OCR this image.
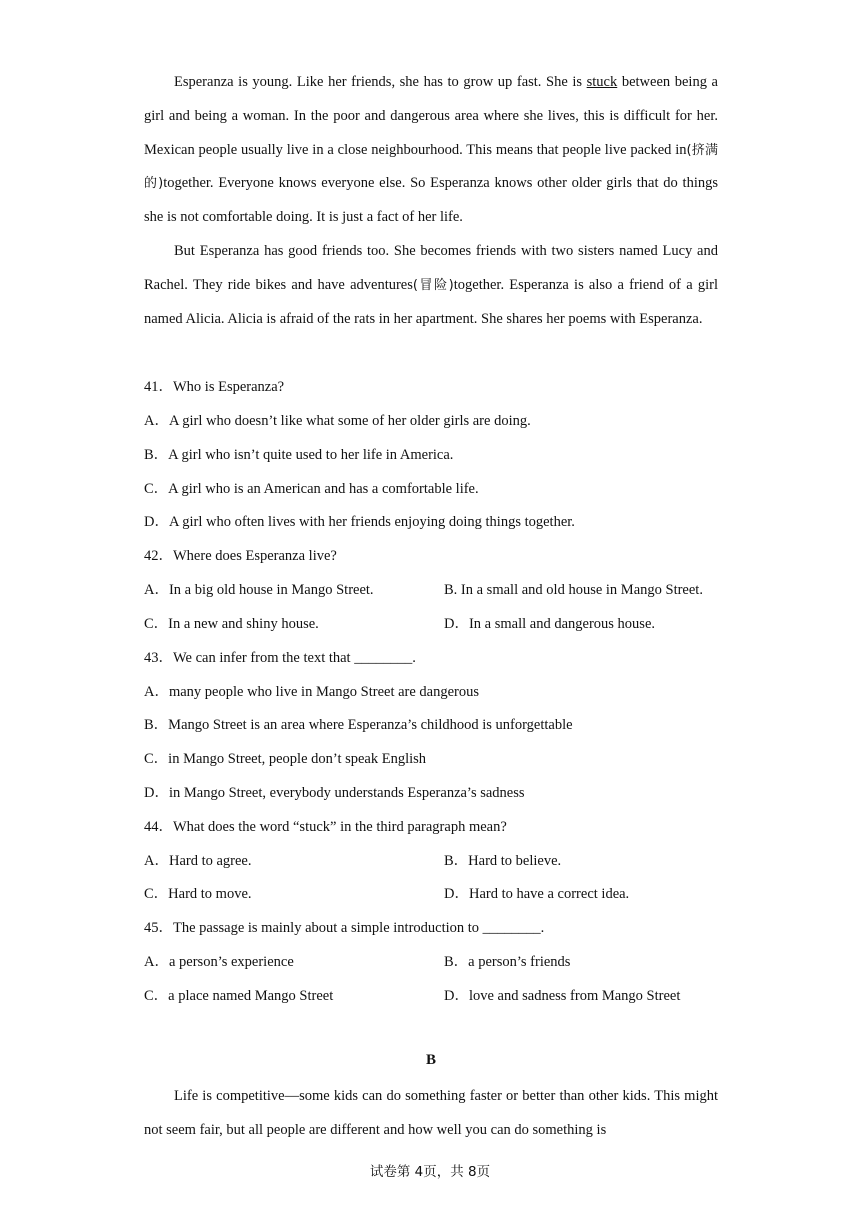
Esperanza is young. Like her friends, she has to grow up fast. She is stuck between being a girl and being a woman. In the poor and dangerous area where she lives, this is difficult for her. Mexican people usually live in a close neighbourhood. This means that people live packed in(挤满的)together. Everyone knows everyone else. So Esperanza knows other older girls that do things she is not comfortable doing. It is just a fact of her life.

But Esperanza has good friends too. She becomes friends with two sisters named Lucy and Rachel. They ride bikes and have adventures(冒险)together. Esperanza is also a friend of a girl named Alicia. Alicia is afraid of the rats in her apartment. She shares her poems with Esperanza.

41．Who is Esperanza?
A．A girl who doesn’t like what some of her older girls are doing.
B．A girl who isn’t quite used to her life in America.
C．A girl who is an American and has a comfortable life.
D．A girl who often lives with her friends enjoying doing things together.
42．Where does Esperanza live?
A．In a big old house in Mango Street.	B. In a small and old house in Mango Street.
C．In a new and shiny house.	D．In a small and dangerous house.
43．We can infer from the text that ________.
A．many people who live in Mango Street are dangerous
B．Mango Street is an area where Esperanza’s childhood is unforgettable
C．in Mango Street, people don’t speak English
D．in Mango Street, everybody understands Esperanza’s sadness
44．What does the word “stuck” in the third paragraph mean?
A．Hard to agree.	B．Hard to believe.
C．Hard to move.	D．Hard to have a correct idea.
45．The passage is mainly about a simple introduction to ________.
A．a person’s experience	B．a person’s friends
C．a place named Mango Street	D．love and sadness from Mango Street
B

Life is competitive—some kids can do something faster or better than other kids. This might not seem fair, but all people are different and how well you can do something is

试卷第 4页，共 8页
